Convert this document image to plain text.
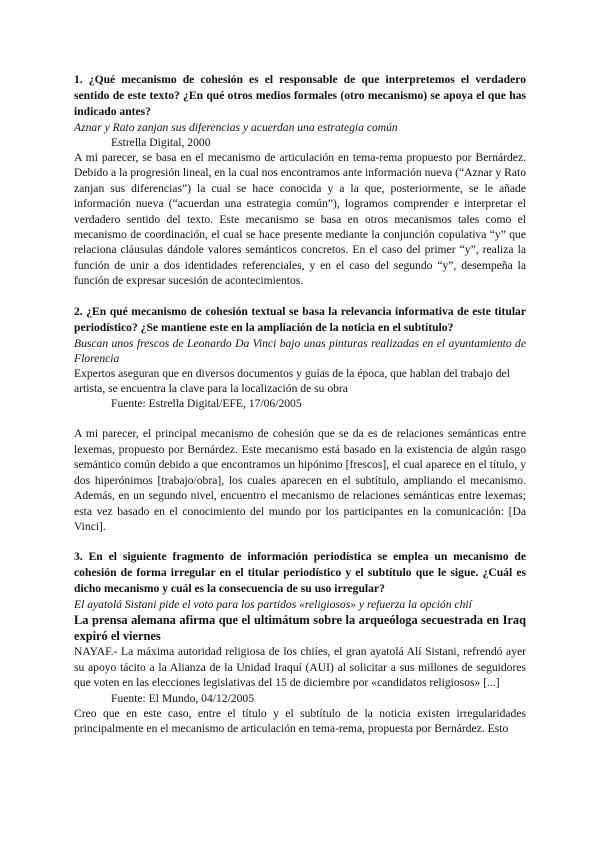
1. ¿Qué mecanismo de cohesión es el responsable de que interpretemos el verdadero sentido de este texto? ¿En qué otros medios formales (otro mecanismo) se apoya el que has indicado antes?

Aznar y Rato zanjan sus diferencias y acuerdan una estrategia común

Estrella Digital, 2000

A mi parecer, se basa en el mecanismo de articulación en tema-rema propuesto por Bernárdez. Debido a la progresión lineal, en la cual nos encontramos ante información nueva (“Aznar y Rato zanjan sus diferencias”) la cual se hace conocida y a la que, posteriormente, se le añade información nueva (“acuerdan una estrategia común”), logramos comprender e interpretar el verdadero sentido del texto. Este mecanismo se basa en otros mecanismos tales como el mecanismo de coordinación, el cual se hace presente mediante la conjunción copulativa “y” que relaciona cláusulas dándole valores semánticos concretos. En el caso del primer “y”, realiza la función de unir a dos identidades referenciales, y en el caso del segundo “y”, desempeña la función de expresar sucesión de acontecimientos.

2. ¿En qué mecanismo de cohesión textual se basa la relevancia informativa de este titular periodístico? ¿Se mantiene este en la ampliación de la noticia en el subtítulo?

Buscan unos frescos de Leonardo Da Vinci bajo unas pinturas realizadas en el ayuntamiento de Florencia

Expertos aseguran que en diversos documentos y guías de la época, que hablan del trabajo del artista, se encuentra la clave para la localización de su obra

Fuente: Estrella Digital/EFE, 17/06/2005

A mi parecer, el principal mecanismo de cohesión que se da es de relaciones semánticas entre lexemas, propuesto por Bernárdez. Este mecanismo está basado en la existencia de algún rasgo semántico común debido a que encontramos un hipónimo [frescos], el cual aparece en el título, y dos hiperónimos [trabajo/obra], los cuales aparecen en el subtítulo, ampliando el mecanismo. Además, en un segundo nivel, encuentro el mecanismo de relaciones semánticas entre lexemas; esta vez basado en el conocimiento del mundo por los participantes en la comunicación: [Da Vinci].

3. En el siguiente fragmento de información periodística se emplea un mecanismo de cohesión de forma irregular en el titular periodístico y el subtítulo que le sigue. ¿Cuál es dicho mecanismo y cuál es la consecuencia de su uso irregular?

El ayatolá Sistani pide el voto para los partidos «religiosos» y refuerza la opción chií

La prensa alemana afirma que el ultimátum sobre la arqueóloga secuestrada en Iraq expiró el viernes

NAYAF.- La máxima autoridad religiosa de los chiíes, el gran ayatolá Alí Sistani, refrendó ayer su apoyo tácito a la Alianza de la Unidad Iraquí (AUI) al solicitar a sus millones de seguidores que voten en las elecciones legislativas del 15 de diciembre por «candidatos religiosos» [...]

Fuente: El Mundo, 04/12/2005

Creo que en este caso, entre el título y el subtítulo de la noticia existen irregularidades principalmente en el mecanismo de articulación en tema-rema, propuesta por Bernárdez. Esto
